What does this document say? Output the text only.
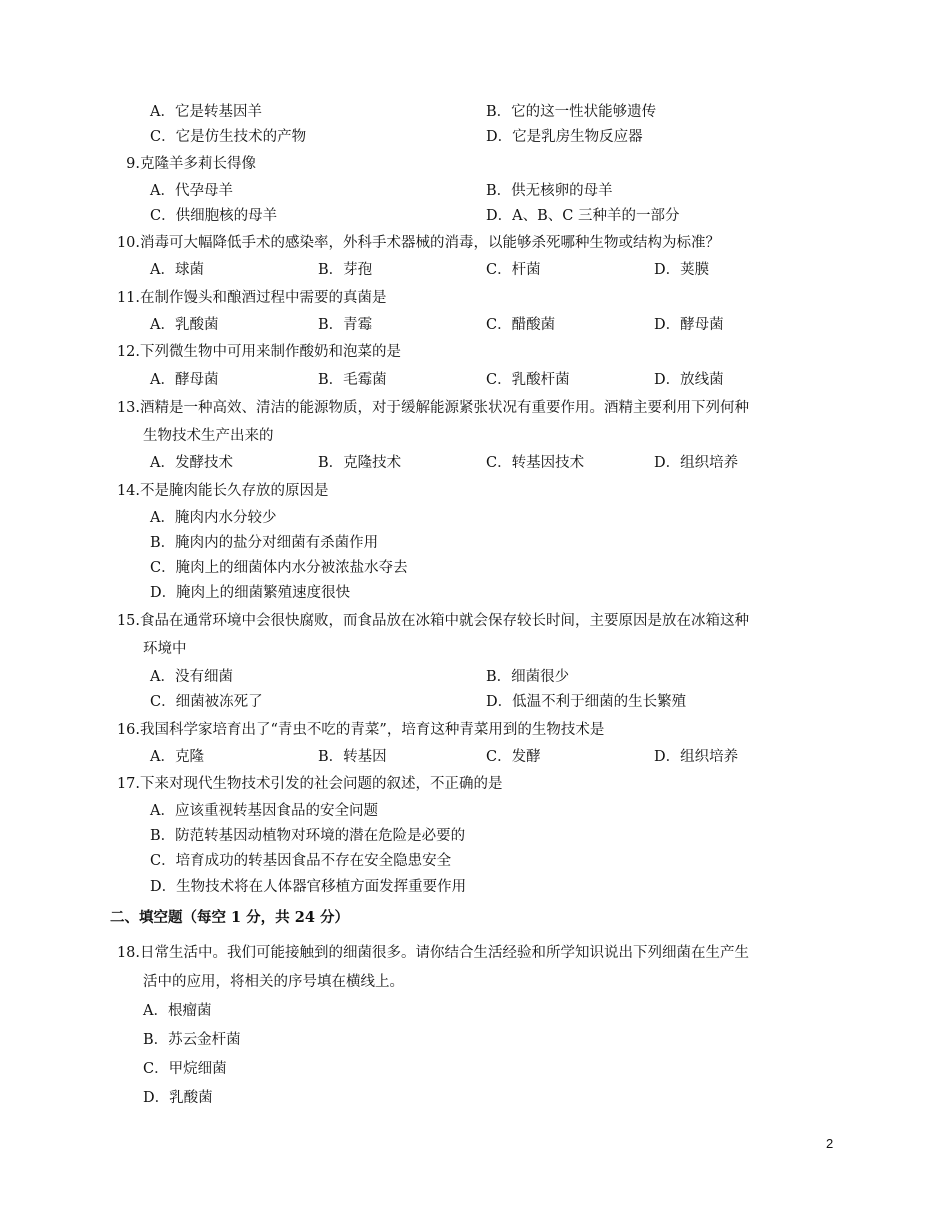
A．它是转基因羊	B．它的这一性状能够遗传
C．它是仿生技术的产物	D．它是乳房生物反应器
9.克隆羊多莉长得像
A．代孕母羊	B．供无核卵的母羊
C．供细胞核的母羊	D．A、B、C 三种羊的一部分
10.消毒可大幅降低手术的感染率，外科手术器械的消毒，以能够杀死哪种生物或结构为标准？
A．球菌	B．芽孢	C．杆菌	D．荚膜
11.在制作馒头和酿酒过程中需要的真菌是
A．乳酸菌	B．青霉	C．醋酸菌	D．酵母菌
12.下列微生物中可用来制作酸奶和泡菜的是
A．酵母菌	B．毛霉菌	C．乳酸杆菌	D．放线菌
13.酒精是一种高效、清洁的能源物质，对于缓解能源紧张状况有重要作用。酒精主要利用下列何种
生物技术生产出来的
A．发酵技术	B．克隆技术	C．转基因技术	D．组织培养
14.不是腌肉能长久存放的原因是
A．腌肉内水分较少
B．腌肉内的盐分对细菌有杀菌作用
C．腌肉上的细菌体内水分被浓盐水夺去
D．腌肉上的细菌繁殖速度很快
15.食品在通常环境中会很快腐败，而食品放在冰箱中就会保存较长时间，主要原因是放在冰箱这种
环境中
A．没有细菌	B．细菌很少
C．细菌被冻死了	D．低温不利于细菌的生长繁殖
16.我国科学家培育出了“青虫不吃的青菜”，培育这种青菜用到的生物技术是
A．克隆	B．转基因	C．发酵	D．组织培养
17.下来对现代生物技术引发的社会问题的叙述，不正确的是
A．应该重视转基因食品的安全问题
B．防范转基因动植物对环境的潜在危险是必要的
C．培育成功的转基因食品不存在安全隐患安全
D．生物技术将在人体器官移植方面发挥重要作用
二、填空题（每空 1 分，共 24 分）
18.日常生活中。我们可能接触到的细菌很多。请你结合生活经验和所学知识说出下列细菌在生产生
活中的应用，将相关的序号填在横线上。
A．根瘤菌
B．苏云金杆菌
C．甲烷细菌
D．乳酸菌
2
